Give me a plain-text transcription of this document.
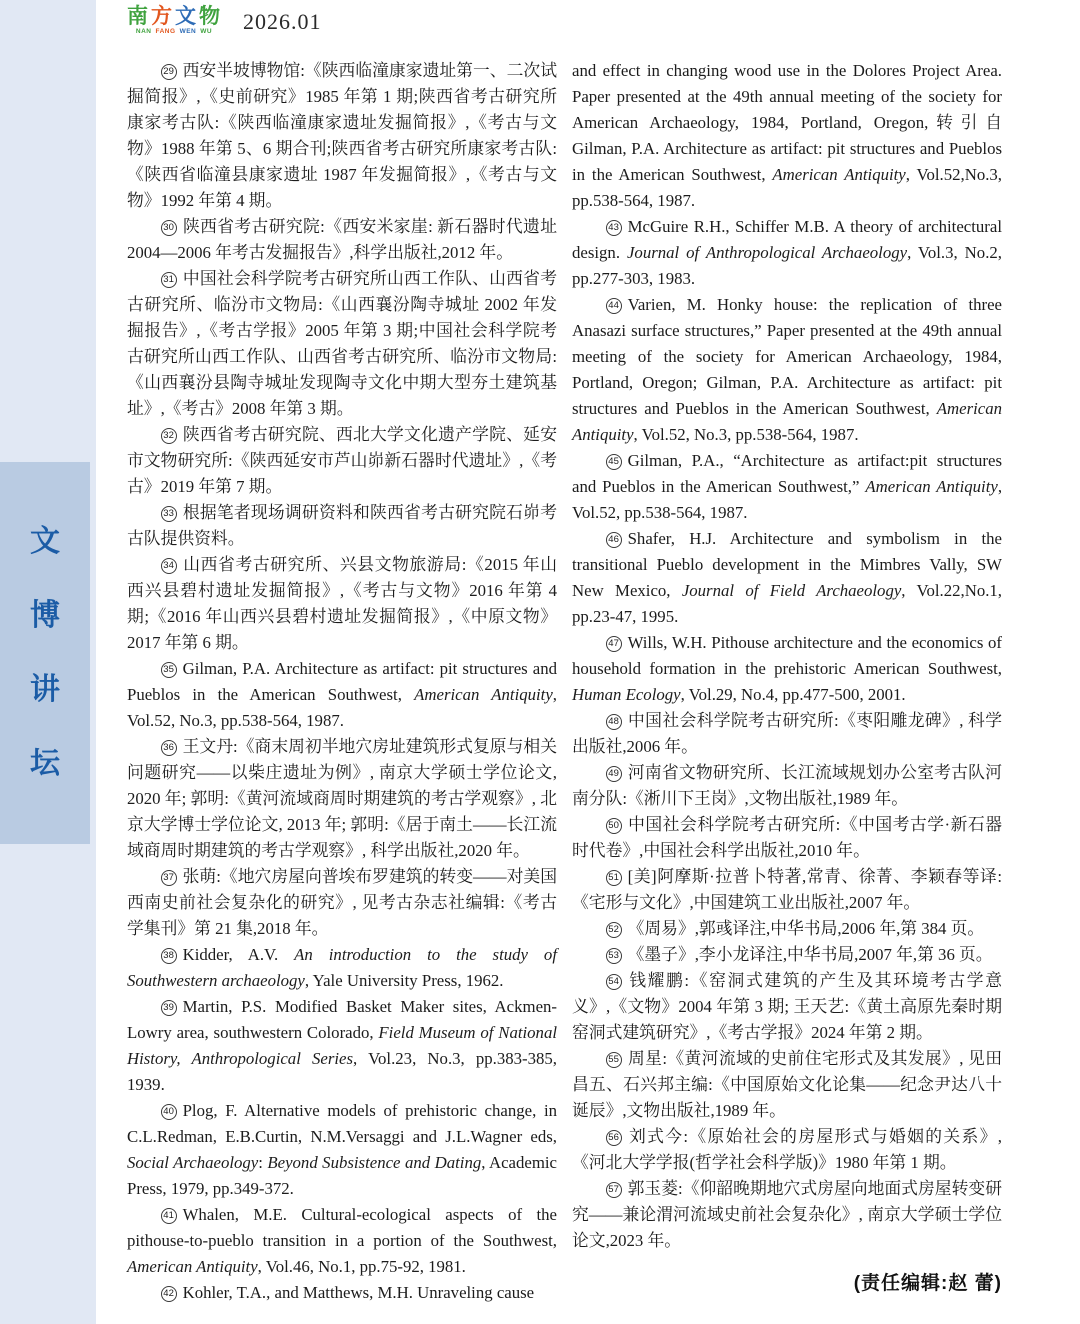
文
博
讲
坛
南 方 文 物
NAN FANG WEN WU 2026.01

29 西安半坡博物馆:《陕西临潼康家遗址第一、二次试掘简报》,《史前研究》1985 年第 1 期;陕西省考古研究所康家考古队:《陕西临潼康家遗址发掘简报》,《考古与文物》1988 年第 5、6 期合刊;陕西省考古研究所康家考古队:《陕西省临潼县康家遗址 1987 年发掘简报》,《考古与文物》1992 年第 4 期。

30 陕西省考古研究院:《西安米家崖: 新石器时代遗址 2004—2006 年考古发掘报告》,科学出版社,2012 年。

31 中国社会科学院考古研究所山西工作队、山西省考古研究所、临汾市文物局:《山西襄汾陶寺城址 2002 年发掘报告》,《考古学报》2005 年第 3 期;中国社会科学院考古研究所山西工作队、山西省考古研究所、临汾市文物局:《山西襄汾县陶寺城址发现陶寺文化中期大型夯土建筑基址》,《考古》2008 年第 3 期。

32 陕西省考古研究院、西北大学文化遗产学院、延安市文物研究所:《陕西延安市芦山峁新石器时代遗址》,《考古》2019 年第 7 期。

33 根据笔者现场调研资料和陕西省考古研究院石峁考古队提供资料。

34 山西省考古研究所、兴县文物旅游局:《2015 年山西兴县碧村遗址发掘简报》,《考古与文物》2016 年第 4 期;《2016 年山西兴县碧村遗址发掘简报》,《中原文物》2017 年第 6 期。

35 Gilman, P.A. Architecture as artifact: pit structures and Pueblos in the American Southwest, American Antiquity, Vol.52, No.3, pp.538-564, 1987.

36 王文丹:《商末周初半地穴房址建筑形式复原与相关问题研究——以柴庄遗址为例》, 南京大学硕士学位论文, 2020 年; 郭明:《黄河流域商周时期建筑的考古学观察》, 北京大学博士学位论文, 2013 年; 郭明:《居于南土——长江流域商周时期建筑的考古学观察》, 科学出版社,2020 年。

37 张萌:《地穴房屋向普埃布罗建筑的转变——对美国西南史前社会复杂化的研究》, 见考古杂志社编辑:《考古学集刊》第 21 集,2018 年。

38 Kidder, A.V. An introduction to the study of Southwestern archaeology, Yale University Press, 1962.

39 Martin, P.S. Modified Basket Maker sites, Ackmen-Lowry area, southwestern Colorado, Field Museum of National History, Anthropological Series, Vol.23, No.3, pp.383-385, 1939.

40 Plog, F. Alternative models of prehistoric change, in C.L.Redman, E.B.Curtin, N.M.Versaggi and J.L.Wagner eds, Social Archaeology: Beyond Subsistence and Dating, Academic Press, 1979, pp.349-372.

41 Whalen, M.E. Cultural-ecological aspects of the pithouse-to-pueblo transition in a portion of the Southwest, American Antiquity, Vol.46, No.1, pp.75-92, 1981.

42 Kohler, T.A., and Matthews, M.H. Unraveling cause

and effect in changing wood use in the Dolores Project Area. Paper presented at the 49th annual meeting of the society for American Archaeology, 1984, Portland, Oregon,转引自 Gilman, P.A. Architecture as artifact: pit structures and Pueblos in the American Southwest, American Antiquity, Vol.52,No.3, pp.538-564, 1987.

43 McGuire R.H., Schiffer M.B. A theory of architectural design. Journal of Anthropological Archaeology, Vol.3, No.2, pp.277-303, 1983.

44 Varien, M. Honky house: the replication of three Anasazi surface structures,” Paper presented at the 49th annual meeting of the society for American Archaeology, 1984, Portland, Oregon; Gilman, P.A. Architecture as artifact: pit structures and Pueblos in the American Southwest, American Antiquity, Vol.52, No.3, pp.538-564, 1987.

45 Gilman, P.A., “Architecture as artifact:pit structures and Pueblos in the American Southwest,” American Antiquity, Vol.52, pp.538-564, 1987.

46 Shafer, H.J. Architecture and symbolism in the transitional Pueblo development in the Mimbres Vally, SW New Mexico, Journal of Field Archaeology, Vol.22,No.1, pp.23-47, 1995.

47 Wills, W.H. Pithouse architecture and the economics of household formation in the prehistoric American Southwest, Human Ecology, Vol.29, No.4, pp.477-500, 2001.

48 中国社会科学院考古研究所:《枣阳雕龙碑》, 科学出版社,2006 年。

49 河南省文物研究所、长江流域规划办公室考古队河南分队:《淅川下王岗》,文物出版社,1989 年。

50 中国社会科学院考古研究所:《中国考古学·新石器时代卷》,中国社会科学出版社,2010 年。

51 [美]阿摩斯·拉普卜特著,常青、徐菁、李颖春等译:《宅形与文化》,中国建筑工业出版社,2007 年。

52 《周易》,郭彧译注,中华书局,2006 年,第 384 页。

53 《墨子》,李小龙译注,中华书局,2007 年,第 36 页。

54 钱耀鹏:《窑洞式建筑的产生及其环境考古学意义》,《文物》2004 年第 3 期; 王天艺:《黄土高原先秦时期窑洞式建筑研究》,《考古学报》2024 年第 2 期。

55 周星:《黄河流域的史前住宅形式及其发展》, 见田昌五、石兴邦主编:《中国原始文化论集——纪念尹达八十诞辰》,文物出版社,1989 年。

56 刘式今:《原始社会的房屋形式与婚姻的关系》,《河北大学学报(哲学社会科学版)》1980 年第 1 期。

57 郭玉菱:《仰韶晚期地穴式房屋向地面式房屋转变研究——兼论渭河流域史前社会复杂化》, 南京大学硕士学位论文,2023 年。

(责任编辑:赵 蕾)
